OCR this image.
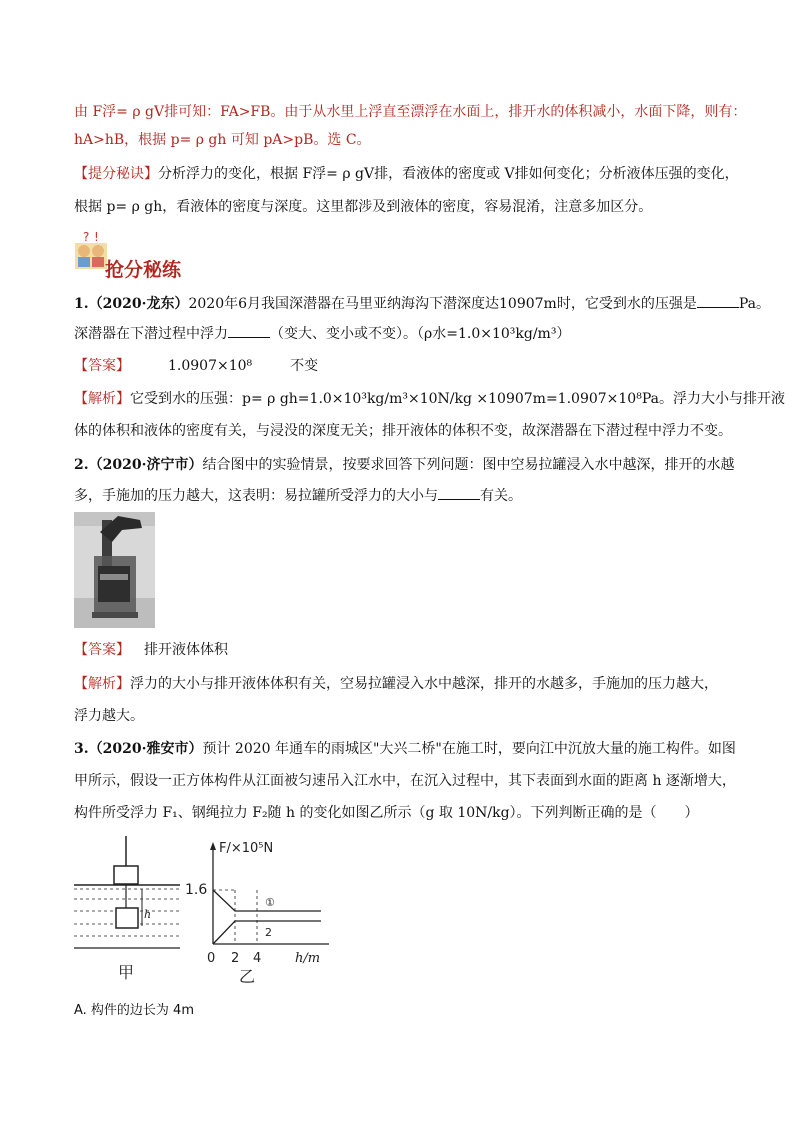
由 F浮= ρ gV排可知：FA>FB。由于从水里上浮直至漂浮在水面上，排开水的体积减小，水面下降，则有：
hA>hB，根据 p= ρ gh 可知 pA>pB。选 C。
【提分秘诀】分析浮力的变化，根据 F浮= ρ gV排，看液体的密度或 V排如何变化；分析液体压强的变化，
根据 p= ρ gh，看液体的密度与深度。这里都涉及到液体的密度，容易混淆，注意多加区分。
? !
抢分秘练
1.（2020·龙东）2020年6月我国深潜器在马里亚纳海沟下潜深度达10907m时，它受到水的压强是	Pa。
深潜器在下潜过程中浮力	（变大、变小或不变）。（ρ水=1.0×10³kg/m³）
【答案】	1.0907×10⁸	不变
【解析】它受到水的压强：p= ρ gh=1.0×10³kg/m³×10N/kg ×10907m=1.0907×10⁸Pa。浮力大小与排开液
体的体积和液体的密度有关，与浸没的深度无关；排开液体的体积不变，故深潜器在下潜过程中浮力不变。
2.（2020·济宁市）结合图中的实验情景，按要求回答下列问题：图中空易拉罐浸入水中越深，排开的水越
多，手施加的压力越大，这表明：易拉罐所受浮力的大小与	有关。
【答案】 排开液体体积
【解析】浮力的大小与排开液体体积有关，空易拉罐浸入水中越深，排开的水越多，手施加的压力越大，
浮力越大。
3.（2020·雅安市）预计 2020 年通车的雨城区"大兴二桥"在施工时，要向江中沉放大量的施工构件。如图
甲所示，假设一正方体构件从江面被匀速吊入江水中，在沉入过程中，其下表面到水面的距离 h 逐渐增大，
构件所受浮力 F₁、钢绳拉力 F₂随 h 的变化如图乙所示（g 取 10N/kg）。下列判断正确的是（　　）
h
甲
F/×10⁵N
1.6
①
2
0 2 4	h/m
乙
A. 构件的边长为 4m
